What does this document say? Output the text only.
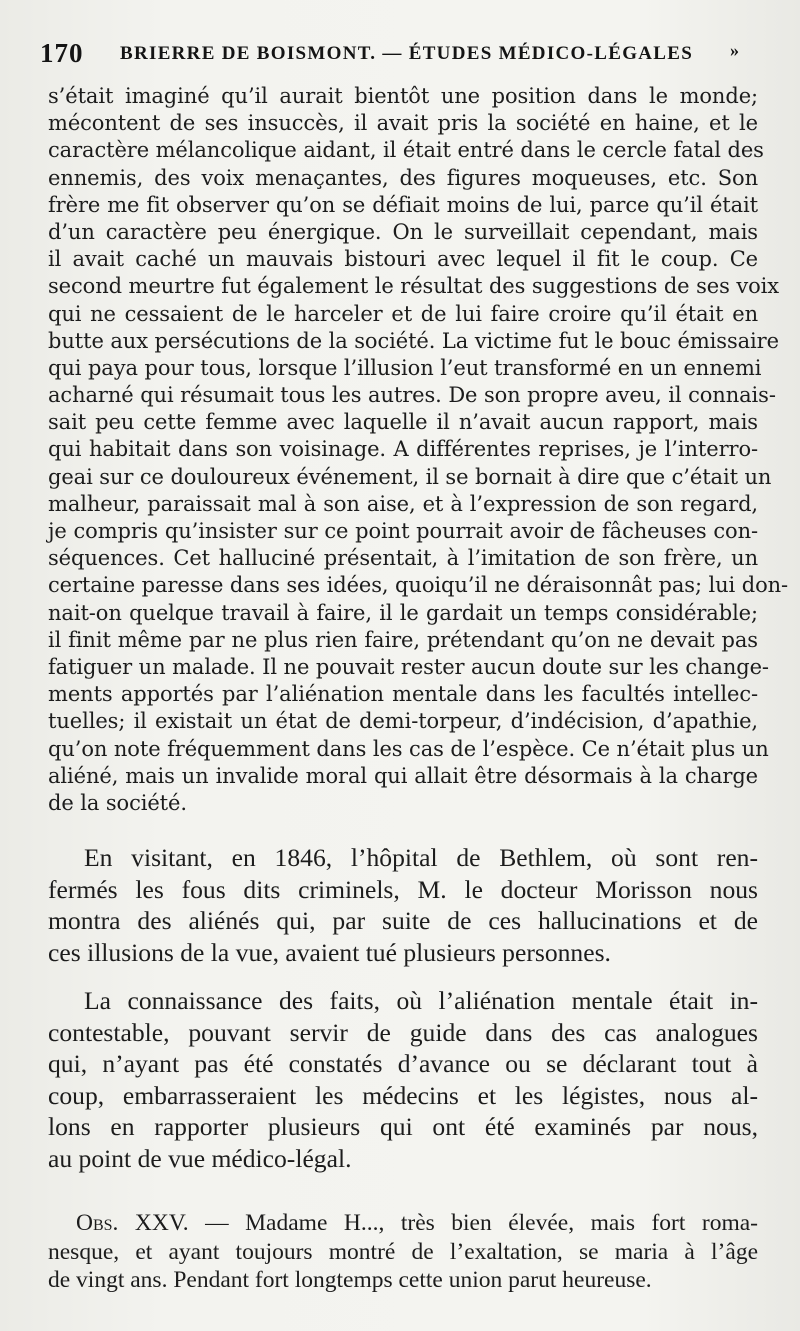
170 BRIERRE DE BOISMONT. — ÉTUDES MÉDICO-LÉGALES »
s’était imaginé qu’il aurait bientôt une position dans le monde;
mécontent de ses insuccès, il avait pris la société en haine, et le
caractère mélancolique aidant, il était entré dans le cercle fatal des
ennemis, des voix menaçantes, des figures moqueuses, etc. Son
frère me fit observer qu’on se défiait moins de lui, parce qu’il était
d’un caractère peu énergique. On le surveillait cependant, mais
il avait caché un mauvais bistouri avec lequel il fit le coup. Ce
second meurtre fut également le résultat des suggestions de ses voix
qui ne cessaient de le harceler et de lui faire croire qu’il était en
butte aux persécutions de la société. La victime fut le bouc émissaire
qui paya pour tous, lorsque l’illusion l’eut transformé en un ennemi
acharné qui résumait tous les autres. De son propre aveu, il connais-
sait peu cette femme avec laquelle il n’avait aucun rapport, mais
qui habitait dans son voisinage. A différentes reprises, je l’interro-
geai sur ce douloureux événement, il se bornait à dire que c’était un
malheur, paraissait mal à son aise, et à l’expression de son regard,
je compris qu’insister sur ce point pourrait avoir de fâcheuses con-
séquences. Cet halluciné présentait, à l’imitation de son frère, un
certaine paresse dans ses idées, quoiqu’il ne déraisonnât pas; lui don-
nait-on quelque travail à faire, il le gardait un temps considérable;
il finit même par ne plus rien faire, prétendant qu’on ne devait pas
fatiguer un malade. Il ne pouvait rester aucun doute sur les change-
ments apportés par l’aliénation mentale dans les facultés intellec-
tuelles; il existait un état de demi-torpeur, d’indécision, d’apathie,
qu’on note fréquemment dans les cas de l’espèce. Ce n’était plus un
aliéné, mais un invalide moral qui allait être désormais à la charge
de la société.
En visitant, en 1846, l’hôpital de Bethlem, où sont ren-
fermés les fous dits criminels, M. le docteur Morisson nous
montra des aliénés qui, par suite de ces hallucinations et de
ces illusions de la vue, avaient tué plusieurs personnes.
La connaissance des faits, où l’aliénation mentale était in-
contestable, pouvant servir de guide dans des cas analogues
qui, n’ayant pas été constatés d’avance ou se déclarant tout à
coup, embarrasseraient les médecins et les légistes, nous al-
lons en rapporter plusieurs qui ont été examinés par nous,
au point de vue médico-légal.
Obs. XXV. — Madame H..., très bien élevée, mais fort roma-
nesque, et ayant toujours montré de l’exaltation, se maria à l’âge
de vingt ans. Pendant fort longtemps cette union parut heureuse.
